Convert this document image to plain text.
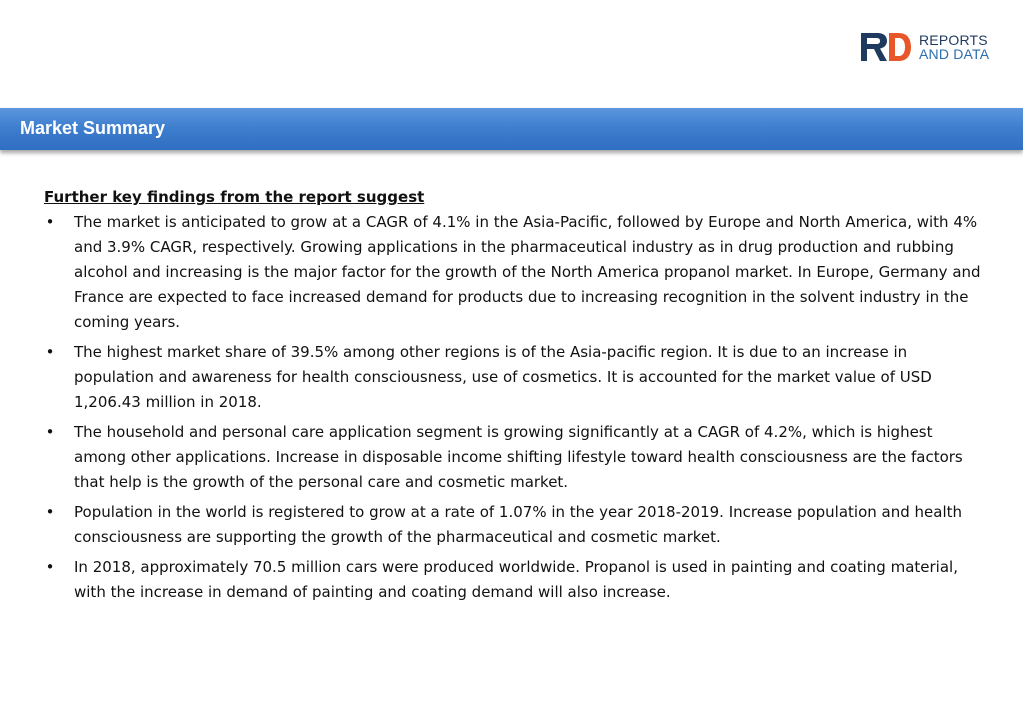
REPORTS
AND DATA
Market Summary

Further key findings from the report suggest

• The market is anticipated to grow at a CAGR of 4.1% in the Asia-Pacific, followed by Europe and North America, with 4% and 3.9% CAGR, respectively. Growing applications in the pharmaceutical industry as in drug production and rubbing alcohol and increasing is the major factor for the growth of the North America propanol market. In Europe, Germany and France are expected to face increased demand for products due to increasing recognition in the solvent industry in the coming years.
• The highest market share of 39.5% among other regions is of the Asia-pacific region. It is due to an increase in population and awareness for health consciousness, use of cosmetics. It is accounted for the market value of USD 1,206.43 million in 2018.
• The household and personal care application segment is growing significantly at a CAGR of 4.2%, which is highest among other applications. Increase in disposable income shifting lifestyle toward health consciousness are the factors that help is the growth of the personal care and cosmetic market.
• Population in the world is registered to grow at a rate of 1.07% in the year 2018-2019. Increase population and health consciousness are supporting the growth of the pharmaceutical and cosmetic market.
• In 2018, approximately 70.5 million cars were produced worldwide. Propanol is used in painting and coating material, with the increase in demand of painting and coating demand will also increase.
